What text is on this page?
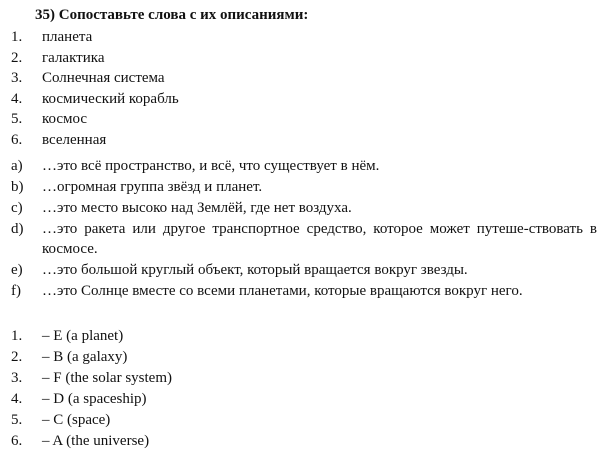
35) Сопоставьте слова с их описаниями:
1. планета
2. галактика
3. Солнечная система
4. космический корабль
5. космос
6. вселенная
a) …это всё пространство, и всё, что существует в нём.
b) …огромная группа звёзд и планет.
c) …это место высоко над Землёй, где нет воздуха.
d) …это ракета или другое транспортное средство, которое может путеше-ствовать в космосе.
e) …это большой круглый объект, который вращается вокруг звезды.
f) …это Солнце вместе со всеми планетами, которые вращаются вокруг него.
1. – E (a planet)
2. – B (a galaxy)
3. – F (the solar system)
4. – D (a spaceship)
5. – C (space)
6. – A (the universe)
